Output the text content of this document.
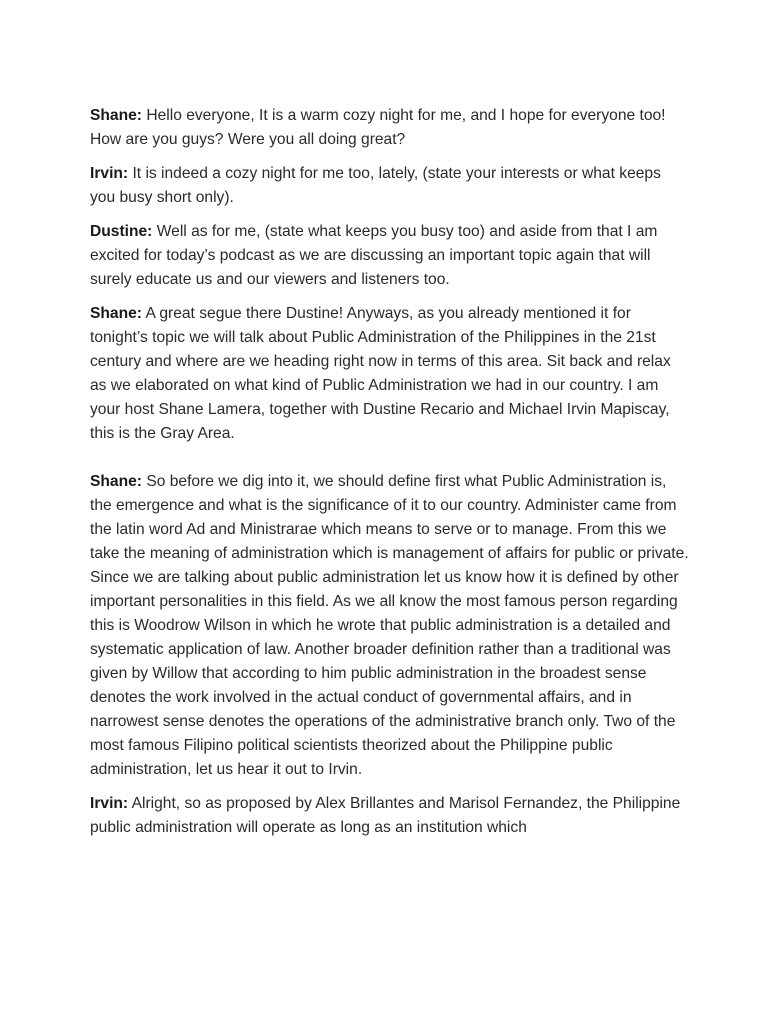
Shane: Hello everyone, It is a warm cozy night for me, and I hope for everyone too! How are you guys? Were you all doing great?

Irvin: It is indeed a cozy night for me too, lately, (state your interests or what keeps you busy short only).

Dustine: Well as for me, (state what keeps you busy too) and aside from that I am excited for today’s podcast as we are discussing an important topic again that will surely educate us and our viewers and listeners too.

Shane: A great segue there Dustine! Anyways, as you already mentioned it for tonight’s topic we will talk about Public Administration of the Philippines in the 21st century and where are we heading right now in terms of this area. Sit back and relax as we elaborated on what kind of Public Administration we had in our country. I am your host Shane Lamera, together with Dustine Recario and Michael Irvin Mapiscay, this is the Gray Area.

Shane: So before we dig into it, we should define first what Public Administration is, the emergence and what is the significance of it to our country. Administer came from the latin word Ad and Ministrarae which means to serve or to manage. From this we take the meaning of administration which is management of affairs for public or private. Since we are talking about public administration let us know how it is defined by other important personalities in this field. As we all know the most famous person regarding this is Woodrow Wilson in which he wrote that public administration is a detailed and systematic application of law. Another broader definition rather than a traditional was given by Willow that according to him public administration in the broadest sense denotes the work involved in the actual conduct of governmental affairs, and in narrowest sense denotes the operations of the administrative branch only. Two of the most famous Filipino political scientists theorized about the Philippine public administration, let us hear it out to Irvin.

Irvin: Alright, so as proposed by Alex Brillantes and Marisol Fernandez, the Philippine public administration will operate as long as an institution which
